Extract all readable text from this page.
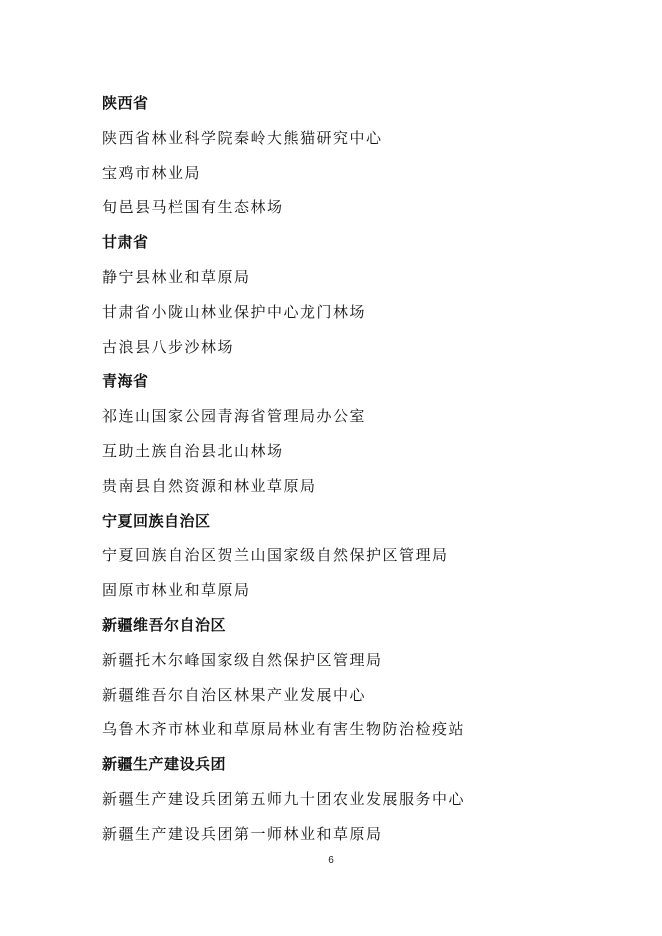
陕西省
陕西省林业科学院秦岭大熊猫研究中心
宝鸡市林业局
旬邑县马栏国有生态林场
甘肃省
静宁县林业和草原局
甘肃省小陇山林业保护中心龙门林场
古浪县八步沙林场
青海省
祁连山国家公园青海省管理局办公室
互助土族自治县北山林场
贵南县自然资源和林业草原局
宁夏回族自治区
宁夏回族自治区贺兰山国家级自然保护区管理局
固原市林业和草原局
新疆维吾尔自治区
新疆托木尔峰国家级自然保护区管理局
新疆维吾尔自治区林果产业发展中心
乌鲁木齐市林业和草原局林业有害生物防治检疫站
新疆生产建设兵团
新疆生产建设兵团第五师九十团农业发展服务中心
新疆生产建设兵团第一师林业和草原局
6
